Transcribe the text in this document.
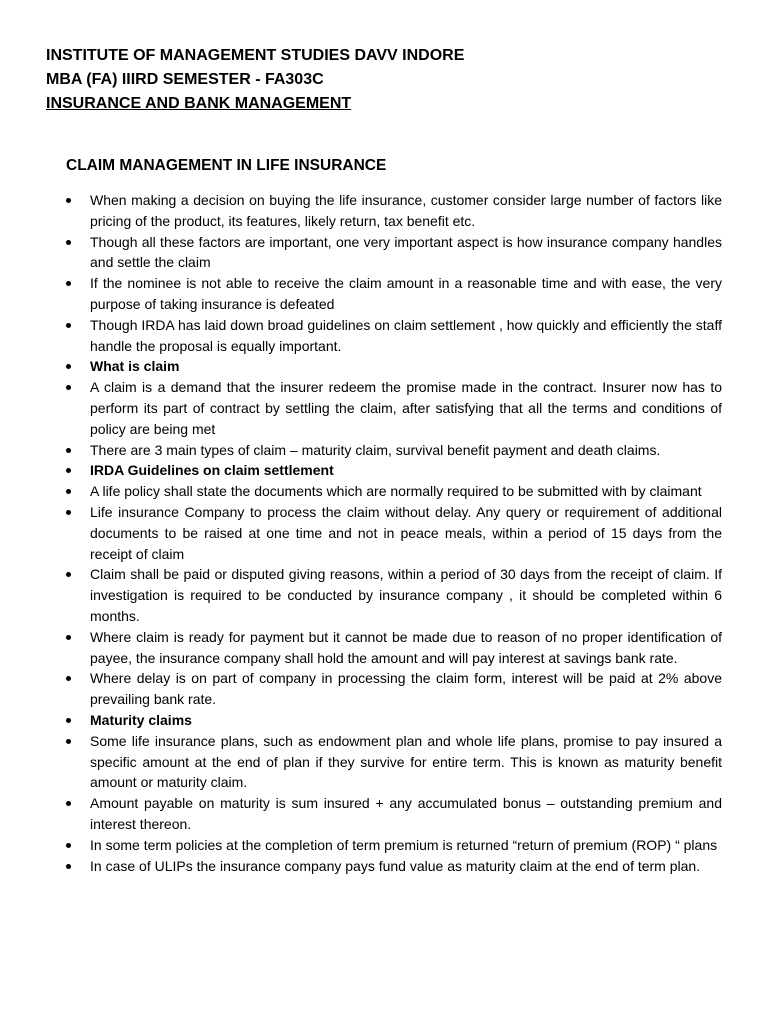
INSTITUTE OF MANAGEMENT STUDIES DAVV INDORE

MBA (FA) IIIRD SEMESTER - FA303C

INSURANCE AND BANK MANAGEMENT

CLAIM MANAGEMENT IN LIFE INSURANCE
When making a decision on buying the life insurance, customer consider large number of factors like pricing of the product, its features, likely return, tax benefit etc.
Though all these factors are important, one very important aspect is how insurance company handles and settle the claim
If the nominee is not able to receive the claim amount in a reasonable time and with ease, the very purpose of taking insurance is defeated
Though IRDA has laid down broad guidelines on claim settlement , how quickly and efficiently the staff handle the proposal is equally important.
What is claim
A claim is a demand that the insurer redeem the promise made in the contract. Insurer now has to perform its part of contract by settling the claim, after satisfying that all the terms and conditions of policy are being met
There are 3 main types of claim – maturity claim, survival benefit payment and death claims.
IRDA Guidelines on claim settlement
A life policy shall state the documents which are normally required to be submitted with by claimant
Life insurance Company to process the claim without delay. Any query or requirement of additional documents to be raised at one time and not in peace meals, within a period of 15 days from the receipt of claim
Claim shall be paid or disputed giving reasons, within a period of 30 days from the receipt of claim. If investigation is required to be conducted by insurance company , it should be completed within 6 months.
Where claim is ready for payment but it cannot be made due to reason of no proper identification of payee, the insurance company shall hold the amount and will pay interest at savings bank rate.
Where delay is on part of company in processing the claim form, interest will be paid at 2% above prevailing bank rate.
Maturity claims
Some life insurance plans, such as endowment plan and whole life plans, promise to pay insured a specific amount at the end of plan if they survive for entire term. This is known as maturity benefit amount or maturity claim.
Amount payable on maturity is sum insured + any accumulated bonus – outstanding premium and interest thereon.
In some term policies at the completion of term premium is returned “return of premium (ROP) “ plans
In case of ULIPs the insurance company pays fund value as maturity claim at the end of term plan.
